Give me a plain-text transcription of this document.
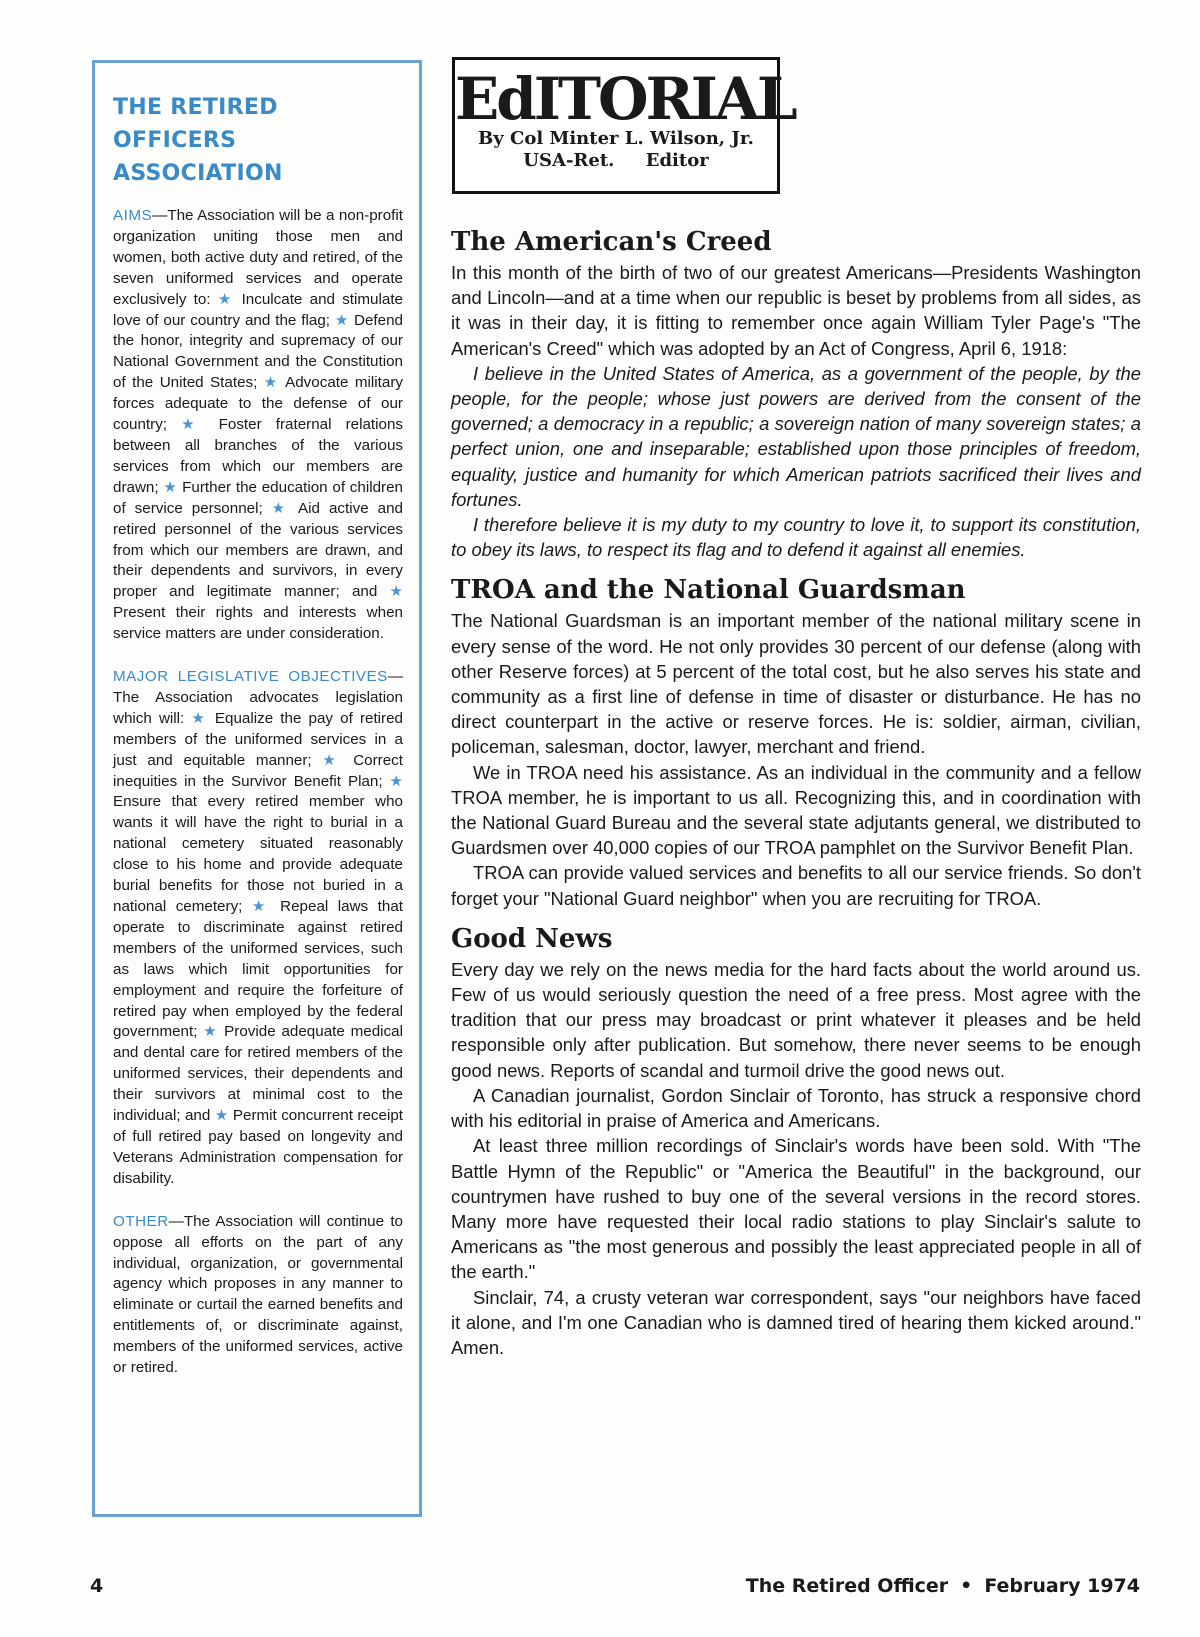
THE RETIRED OFFICERS
ASSOCIATION

AIMS—The Association will be a non-profit organization uniting those men and women, both active duty and retired, of the seven uniformed services and operate exclusively to: ★ Inculcate and stimulate love of our country and the flag; ★ Defend the honor, integrity and supremacy of our National Government and the Constitution of the United States; ★ Advocate military forces adequate to the defense of our country; ★ Foster fraternal relations between all branches of the various services from which our members are drawn; ★ Further the education of children of service personnel; ★ Aid active and retired personnel of the various services from which our members are drawn, and their dependents and survivors, in every proper and legitimate manner; and ★ Present their rights and interests when service matters are under consideration.

MAJOR LEGISLATIVE OBJECTIVES— The Association advocates legislation which will: ★ Equalize the pay of retired members of the uniformed services in a just and equitable manner; ★ Correct inequities in the Survivor Benefit Plan; ★ Ensure that every retired member who wants it will have the right to burial in a national cemetery situated reasonably close to his home and provide adequate burial benefits for those not buried in a national cemetery; ★ Repeal laws that operate to discriminate against retired members of the uniformed services, such as laws which limit opportunities for employment and require the forfeiture of retired pay when employed by the federal government; ★ Provide adequate medical and dental care for retired members of the uniformed services, their dependents and their survivors at minimal cost to the individual; and ★ Permit concurrent receipt of full retired pay based on longevity and Veterans Administration compensation for disability.

OTHER—The Association will continue to oppose all efforts on the part of any individual, organization, or governmental agency which proposes in any manner to eliminate or curtail the earned benefits and entitlements of, or discriminate against, members of the uniformed services, active or retired.

EdITORIAL
By Col Minter L. Wilson, Jr.
USA-Ret. Editor
The American's Creed

In this month of the birth of two of our greatest Americans—Presidents Washington and Lincoln—and at a time when our republic is beset by problems from all sides, as it was in their day, it is fitting to remember once again William Tyler Page's "The American's Creed" which was adopted by an Act of Congress, April 6, 1918:

I believe in the United States of America, as a government of the people, by the people, for the people; whose just powers are derived from the consent of the governed; a democracy in a republic; a sovereign nation of many sovereign states; a perfect union, one and inseparable; established upon those principles of freedom, equality, justice and humanity for which American patriots sacrificed their lives and fortunes.

I therefore believe it is my duty to my country to love it, to support its constitution, to obey its laws, to respect its flag and to defend it against all enemies.

TROA and the National Guardsman

The National Guardsman is an important member of the national military scene in every sense of the word. He not only provides 30 percent of our defense (along with other Reserve forces) at 5 percent of the total cost, but he also serves his state and community as a first line of defense in time of disaster or disturbance. He has no direct counterpart in the active or reserve forces. He is: soldier, airman, civilian, policeman, salesman, doctor, lawyer, merchant and friend.

We in TROA need his assistance. As an individual in the community and a fellow TROA member, he is important to us all. Recognizing this, and in coordination with the National Guard Bureau and the several state adjutants general, we distributed to Guardsmen over 40,000 copies of our TROA pamphlet on the Survivor Benefit Plan.

TROA can provide valued services and benefits to all our service friends. So don't forget your "National Guard neighbor" when you are recruiting for TROA.

Good News

Every day we rely on the news media for the hard facts about the world around us. Few of us would seriously question the need of a free press. Most agree with the tradition that our press may broadcast or print whatever it pleases and be held responsible only after publication. But somehow, there never seems to be enough good news. Reports of scandal and turmoil drive the good news out.

A Canadian journalist, Gordon Sinclair of Toronto, has struck a responsive chord with his editorial in praise of America and Americans.

At least three million recordings of Sinclair's words have been sold. With "The Battle Hymn of the Republic" or "America the Beautiful" in the background, our countrymen have rushed to buy one of the several versions in the record stores. Many more have requested their local radio stations to play Sinclair's salute to Americans as "the most generous and possibly the least appreciated people in all of the earth."

Sinclair, 74, a crusty veteran war correspondent, says "our neighbors have faced it alone, and I'm one Canadian who is damned tired of hearing them kicked around." Amen.

4	The Retired Officer • February 1974
